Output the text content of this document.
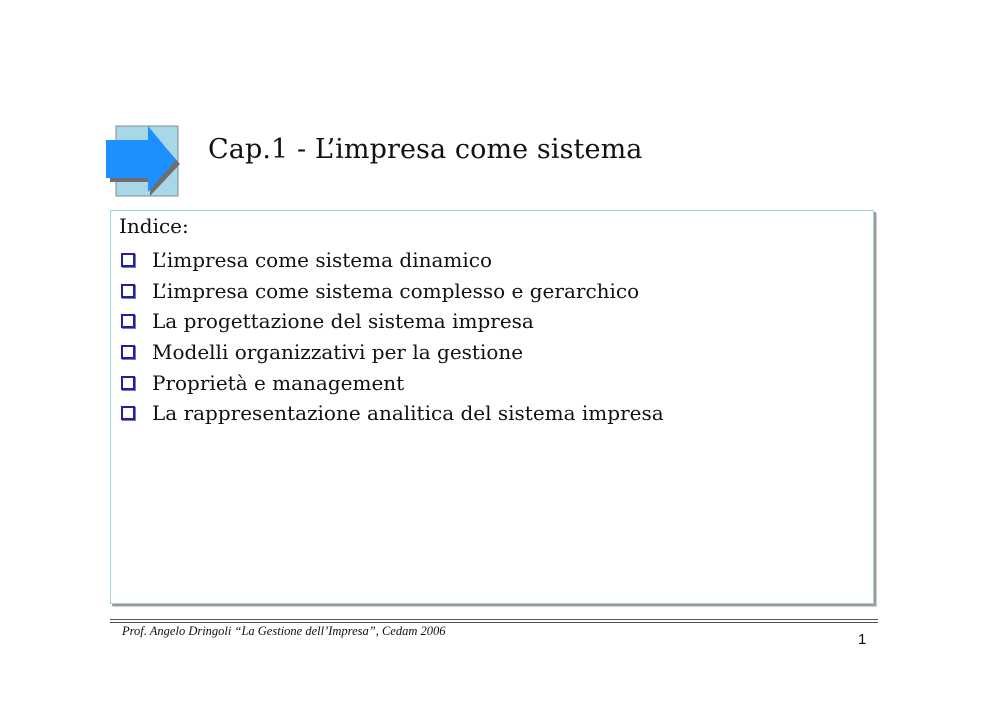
Cap.1 - L’impresa come sistema
Indice:
L’impresa come sistema dinamico
L’impresa come sistema complesso e gerarchico
La progettazione del sistema impresa
Modelli organizzativi per la gestione
Proprietà e management
La rappresentazione analitica del sistema impresa
Prof. Angelo Dringoli “La Gestione dell’Impresa”, Cedam 2006	1
